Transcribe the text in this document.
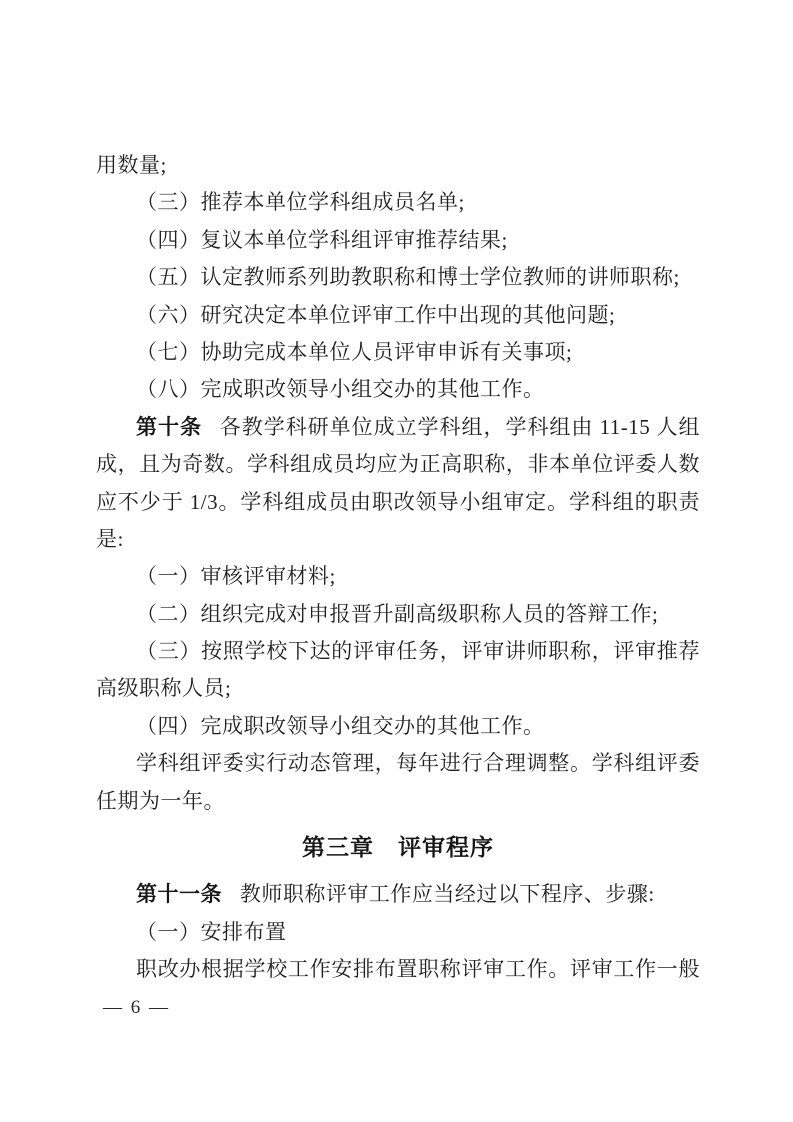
用数量;
（三）推荐本单位学科组成员名单;
（四）复议本单位学科组评审推荐结果;
（五）认定教师系列助教职称和博士学位教师的讲师职称;
（六）研究决定本单位评审工作中出现的其他问题;
（七）协助完成本单位人员评审申诉有关事项;
（八）完成职改领导小组交办的其他工作。
第十条 各教学科研单位成立学科组，学科组由 11-15 人组
成，且为奇数。学科组成员均应为正高职称，非本单位评委人数
应不少于 1/3。学科组成员由职改领导小组审定。学科组的职责
是:
（一）审核评审材料;
（二）组织完成对申报晋升副高级职称人员的答辩工作;
（三）按照学校下达的评审任务，评审讲师职称，评审推荐
高级职称人员;
（四）完成职改领导小组交办的其他工作。
学科组评委实行动态管理，每年进行合理调整。学科组评委
任期为一年。
第三章　评审程序
第十一条 教师职称评审工作应当经过以下程序、步骤:
（一）安排布置
职改办根据学校工作安排布置职称评审工作。评审工作一般
— 6 —
